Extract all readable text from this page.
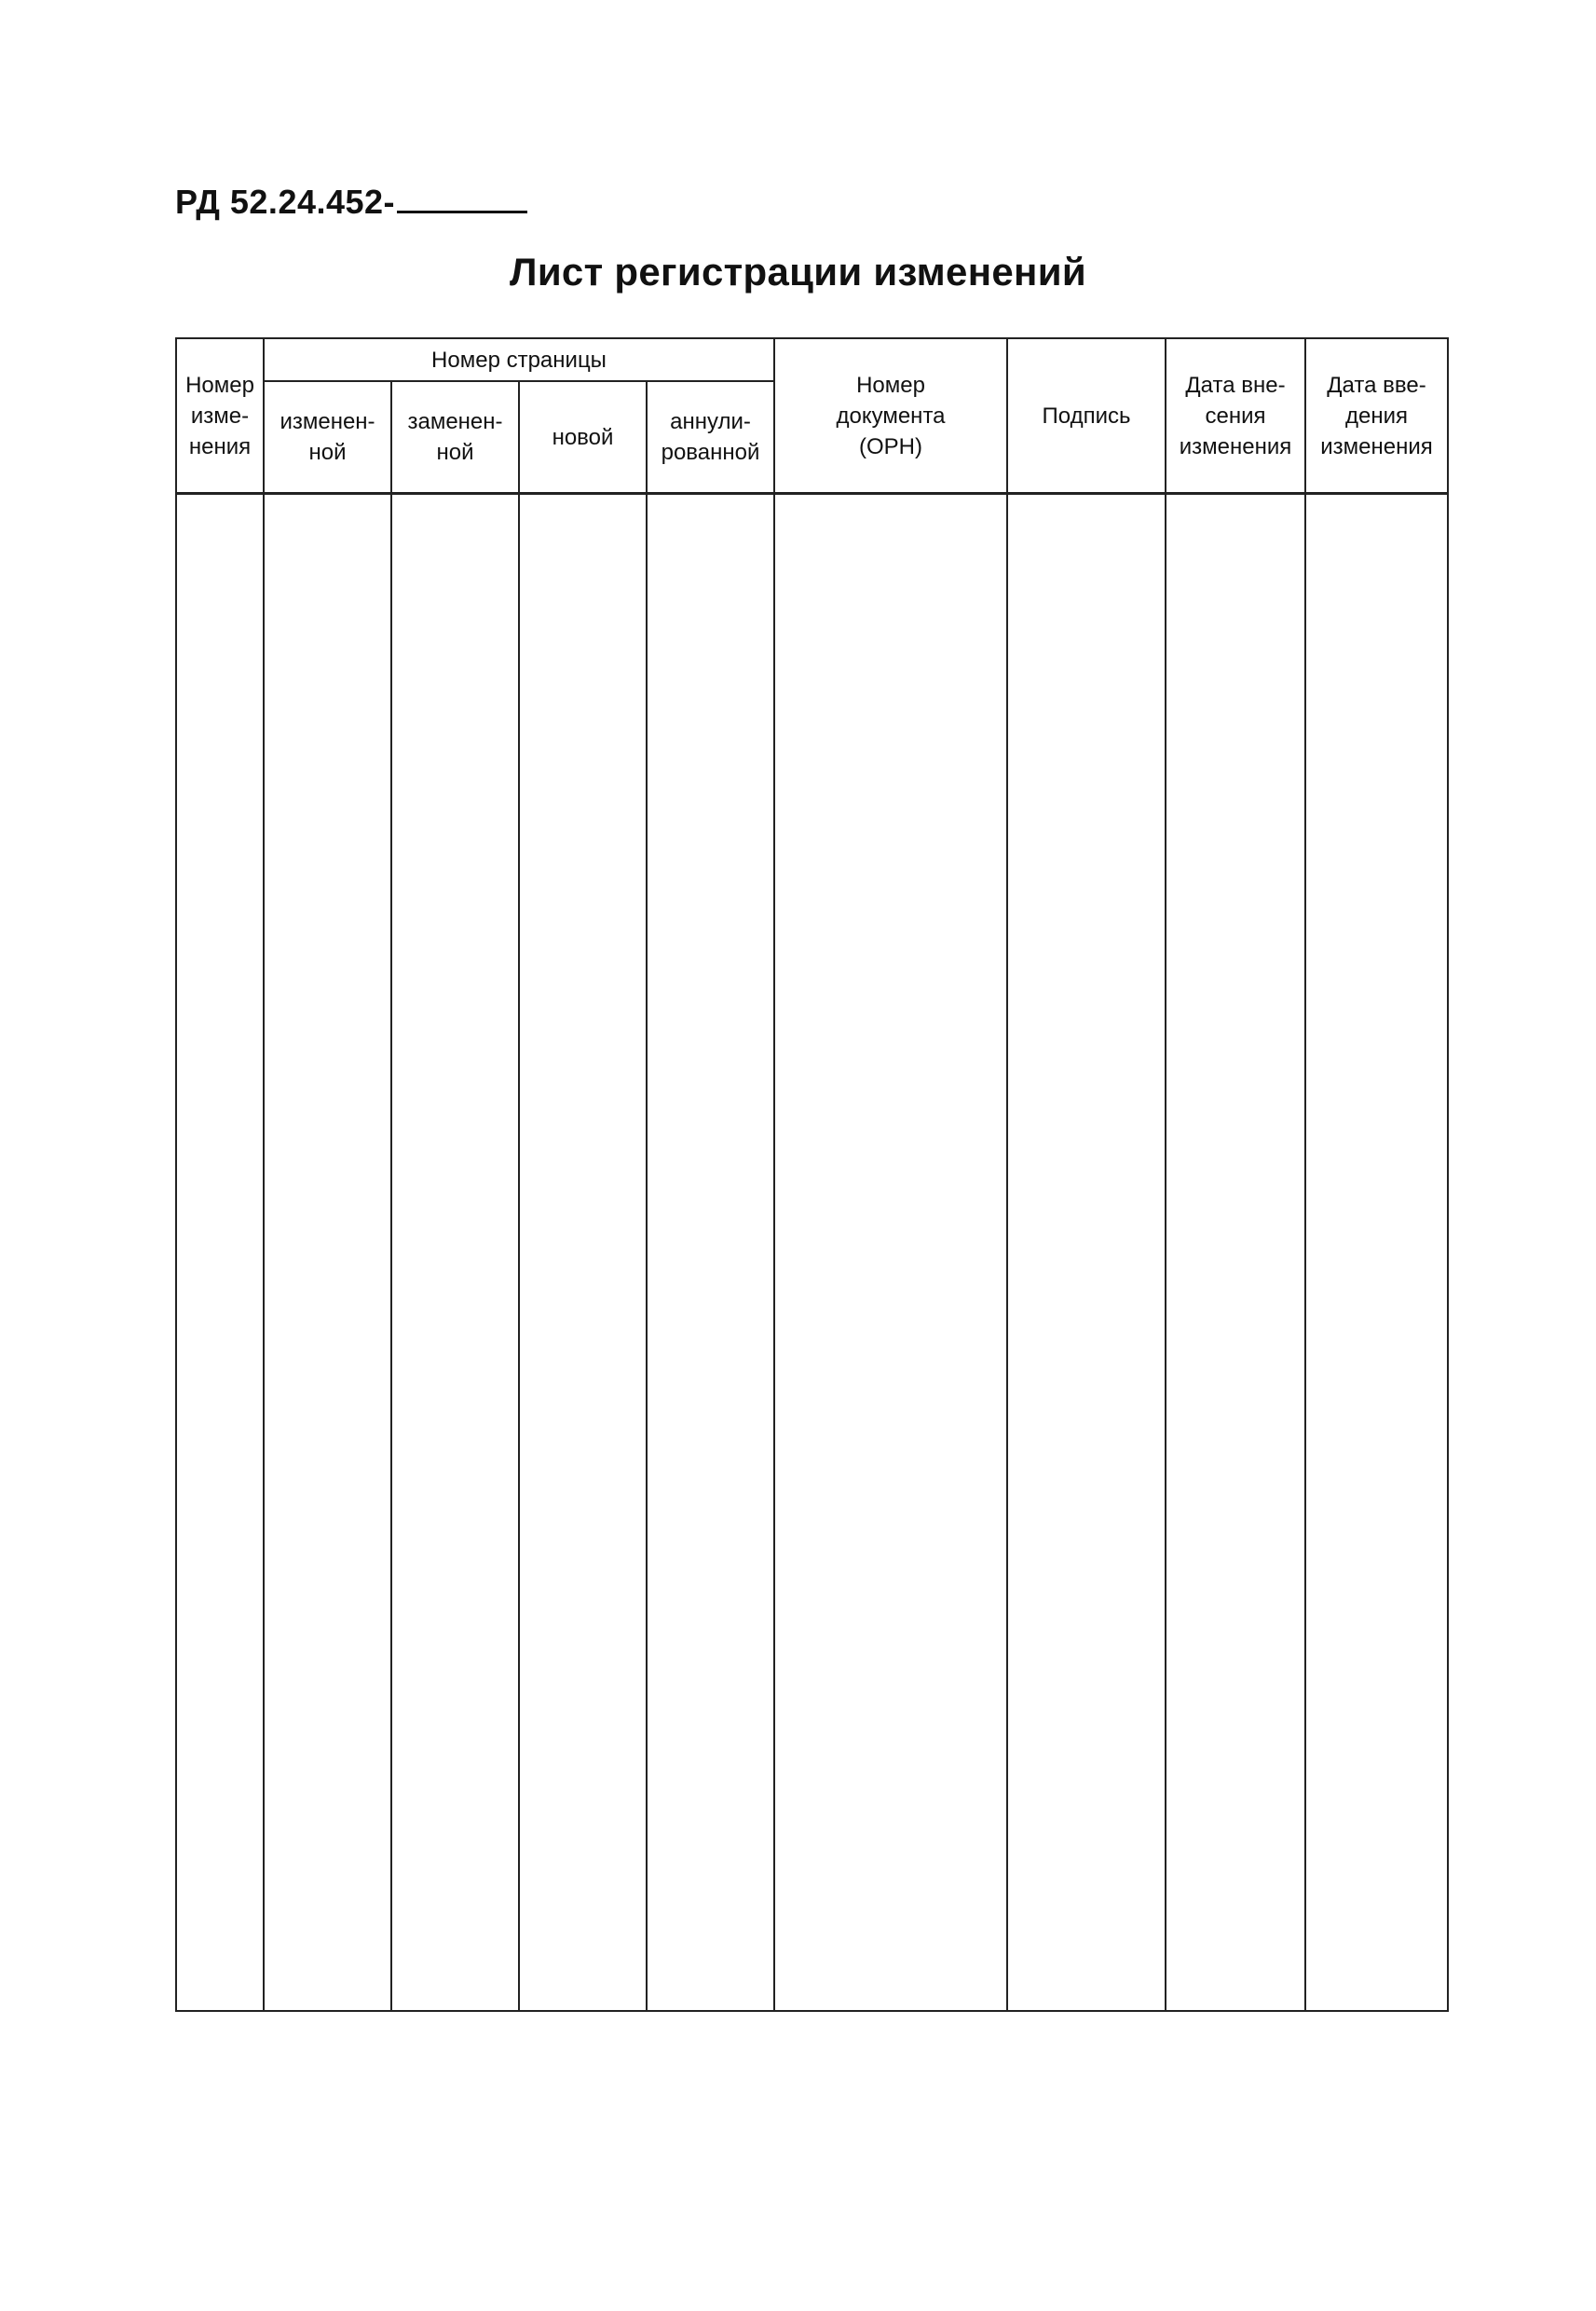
РД 52.24.452-
Лист регистрации изменений
Номер
изме-
нения	Номер страницы				Номер
документа
(ОРН)	Подпись	Дата вне-
сения
изменения	Дата вве-
дения
изменения

	изменен-
ной	заменен-
ной	новой	аннули-
рованной				
